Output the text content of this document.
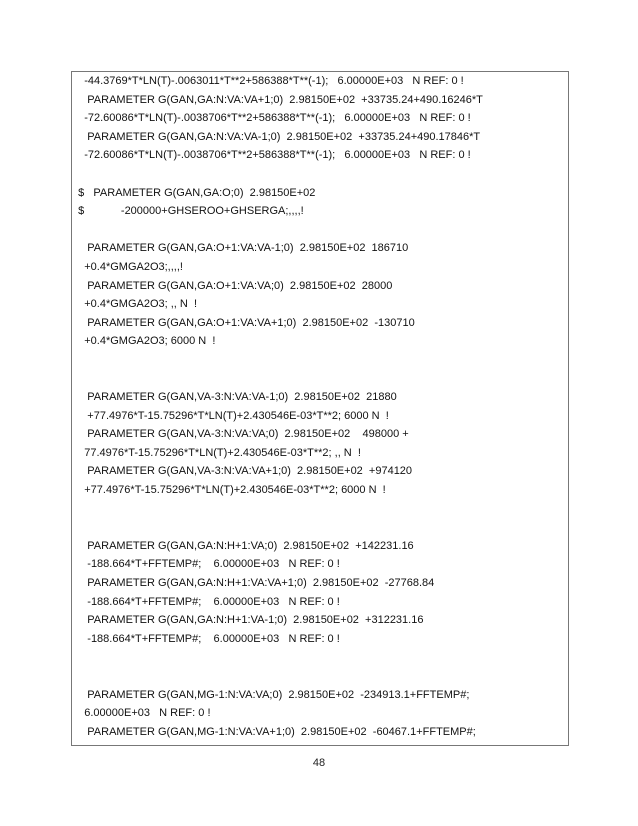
-44.3769*T*LN(T)-.0063011*T**2+586388*T**(-1);   6.00000E+03   N REF: 0 !
PARAMETER G(GAN,GA:N:VA:VA+1;0)  2.98150E+02  +33735.24+490.16246*T
-72.60086*T*LN(T)-.0038706*T**2+586388*T**(-1);   6.00000E+03   N REF: 0 !
PARAMETER G(GAN,GA:N:VA:VA-1;0)  2.98150E+02  +33735.24+490.17846*T
-72.60086*T*LN(T)-.0038706*T**2+586388*T**(-1);   6.00000E+03   N REF: 0 !
$   PARAMETER G(GAN,GA:O;0)  2.98150E+02
$            -200000+GHSEROO+GHSERGA;,,,,!
PARAMETER G(GAN,GA:O+1:VA:VA-1;0)  2.98150E+02  186710
+0.4*GMGA2O3;,,,,!
PARAMETER G(GAN,GA:O+1:VA:VA;0)  2.98150E+02  28000
+0.4*GMGA2O3; ,, N  !
PARAMETER G(GAN,GA:O+1:VA:VA+1;0)  2.98150E+02  -130710
+0.4*GMGA2O3; 6000 N  !
PARAMETER G(GAN,VA-3:N:VA:VA-1;0)  2.98150E+02  21880
+77.4976*T-15.75296*T*LN(T)+2.430546E-03*T**2; 6000 N  !
PARAMETER G(GAN,VA-3:N:VA:VA;0)  2.98150E+02    498000 +
77.4976*T-15.75296*T*LN(T)+2.430546E-03*T**2; ,, N  !
PARAMETER G(GAN,VA-3:N:VA:VA+1;0)  2.98150E+02  +974120
+77.4976*T-15.75296*T*LN(T)+2.430546E-03*T**2; 6000 N  !
PARAMETER G(GAN,GA:N:H+1:VA;0)  2.98150E+02  +142231.16
-188.664*T+FFTEMP#;    6.00000E+03   N REF: 0 !
PARAMETER G(GAN,GA:N:H+1:VA:VA+1;0)  2.98150E+02  -27768.84
-188.664*T+FFTEMP#;    6.00000E+03   N REF: 0 !
PARAMETER G(GAN,GA:N:H+1:VA-1;0)  2.98150E+02  +312231.16
-188.664*T+FFTEMP#;    6.00000E+03   N REF: 0 !
PARAMETER G(GAN,MG-1:N:VA:VA;0)  2.98150E+02  -234913.1+FFTEMP#;
6.00000E+03   N REF: 0 !
PARAMETER G(GAN,MG-1:N:VA:VA+1;0)  2.98150E+02  -60467.1+FFTEMP#;
48
